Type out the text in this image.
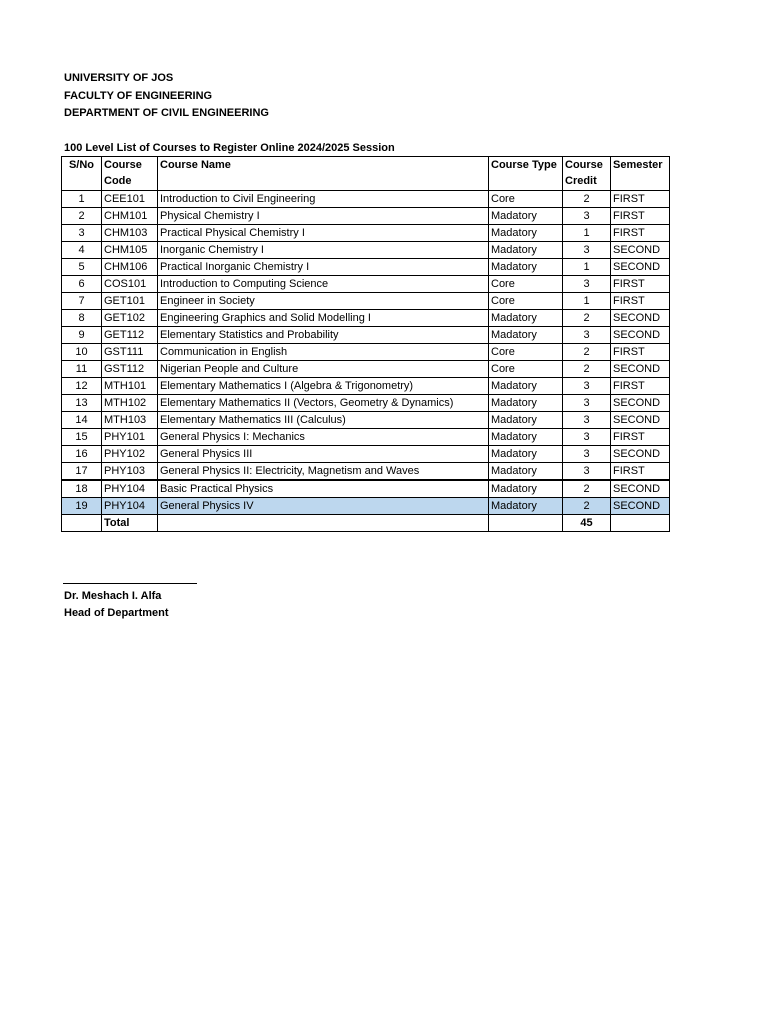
UNIVERSITY OF JOS
FACULTY OF ENGINEERING
DEPARTMENT OF CIVIL ENGINEERING
100 Level List of Courses to Register Online 2024/2025 Session
S/No	Course Code	Course Name	Course Type	Course Credit	Semester
1	CEE101	Introduction to Civil Engineering	Core	2	FIRST
2	CHM101	Physical Chemistry I	Madatory	3	FIRST
3	CHM103	Practical Physical Chemistry I	Madatory	1	FIRST
4	CHM105	Inorganic Chemistry I	Madatory	3	SECOND
5	CHM106	Practical Inorganic Chemistry I	Madatory	1	SECOND
6	COS101	Introduction to Computing Science	Core	3	FIRST
7	GET101	Engineer in Society	Core	1	FIRST
8	GET102	Engineering Graphics and Solid Modelling I	Madatory	2	SECOND
9	GET112	Elementary Statistics and Probability	Madatory	3	SECOND
10	GST111	Communication in English	Core	2	FIRST
11	GST112	Nigerian People and Culture	Core	2	SECOND
12	MTH101	Elementary Mathematics I (Algebra & Trigonometry)	Madatory	3	FIRST
13	MTH102	Elementary Mathematics II (Vectors, Geometry & Dynamics)	Madatory	3	SECOND
14	MTH103	Elementary Mathematics III (Calculus)	Madatory	3	SECOND
15	PHY101	General Physics I: Mechanics	Madatory	3	FIRST
16	PHY102	General Physics III	Madatory	3	SECOND
17	PHY103	General Physics II: Electricity, Magnetism and Waves	Madatory	3	FIRST
18	PHY104	Basic Practical Physics	Madatory	2	SECOND
19	PHY104	General Physics IV	Madatory	2	SECOND
	Total			45	
Dr. Meshach I. Alfa
Head of Department
